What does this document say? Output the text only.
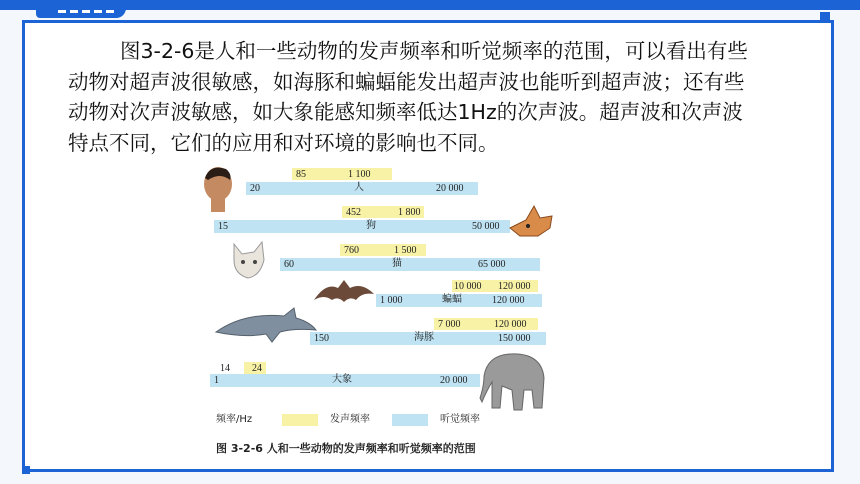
图3-2-6是人和一些动物的发声频率和听觉频率的范围，可以看出有些动物对超声波很敏感，如海豚和蝙蝠能发出超声波也能听到超声波；还有些动物对次声波敏感，如大象能感知频率低达1Hz的次声波。超声波和次声波特点不同，它们的应用和对环境的影响也不同。
85	1 100
20	人	20 000
452	1 800
15	狗	50 000
760	1 500
60	猫	65 000
10 000 120 000
1 000	蝙蝠	120 000
7 000	120 000
150	海豚	150 000
14 24
1	大象	20 000
频率/Hz	发声频率	听觉频率
图 3-2-6 人和一些动物的发声频率和听觉频率的范围
